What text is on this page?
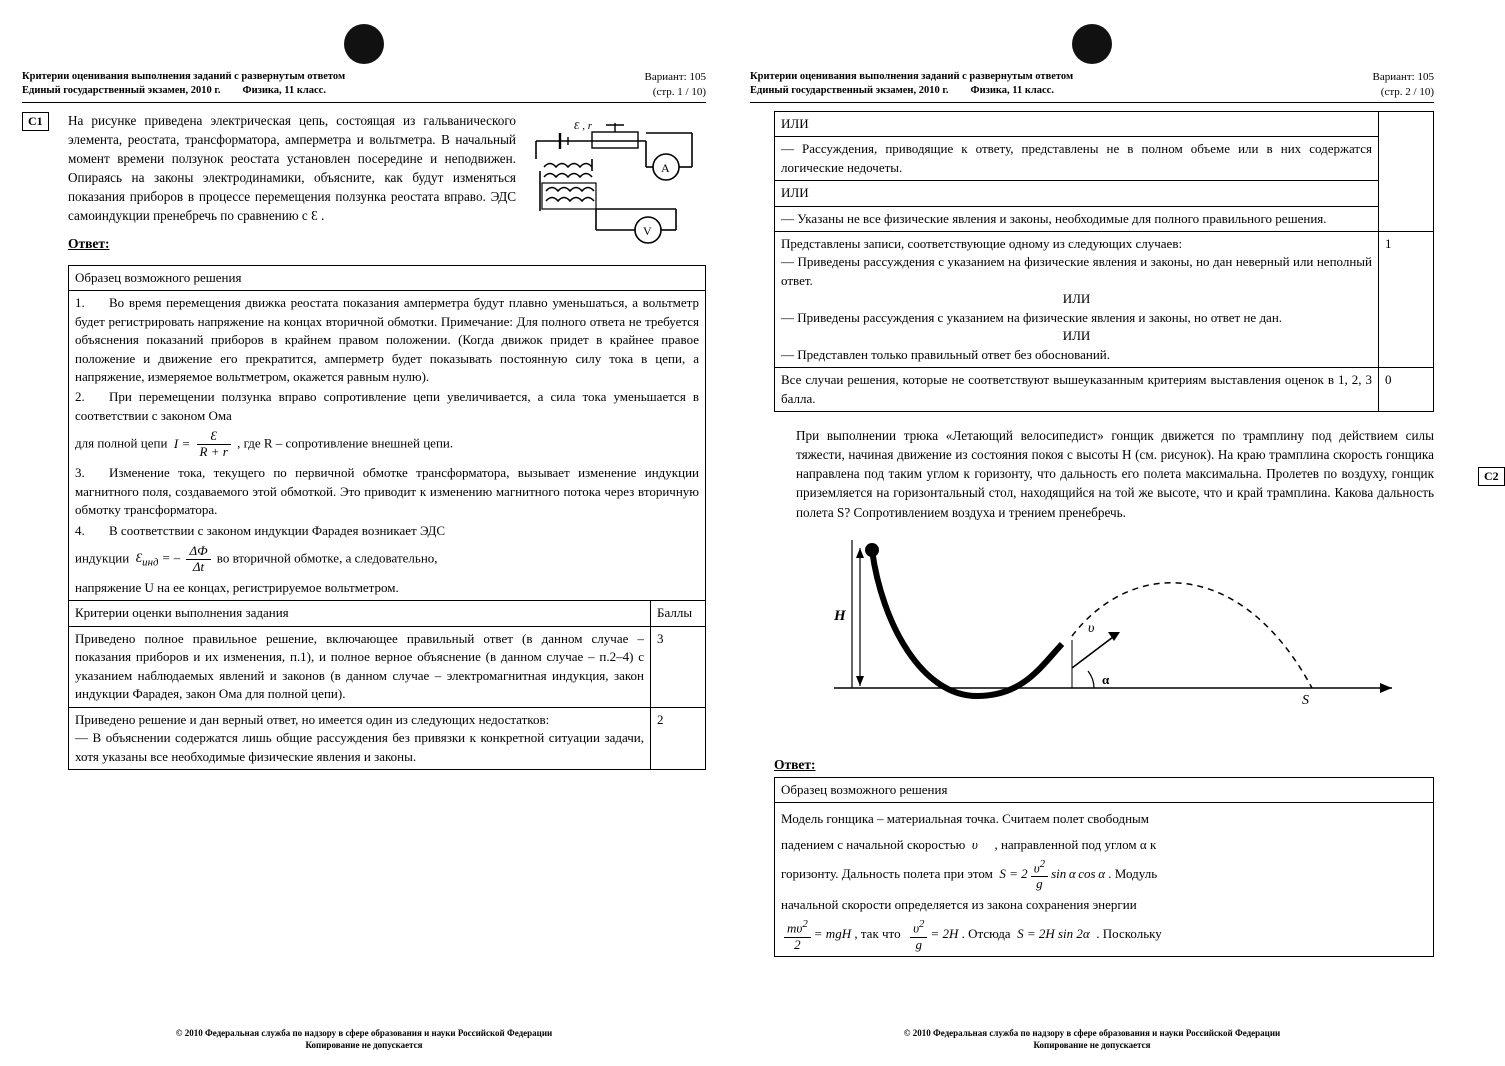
Критерии оценивания выполнения заданий с развернутым ответом
Единый государственный экзамен, 2010 г. Физика, 11 класс.
Вариант: 105
(стр. 1 / 10)
C1	Ɛ , r
A
V
На рисунке приведена электрическая цепь, состоящая из гальванического элемента, реостата, трансформатора, амперметра и вольтметра. В начальный момент времени ползунок реостата установлен посередине и неподвижен. Опираясь на законы электродинамики, объясните, как будут изменяться показания приборов в процессе перемещения ползунка реостата вправо. ЭДС самоиндукции пренебречь по сравнению с Ɛ .
Ответ:
Образец возможного решения

1. Во время перемещения движка реостата показания амперметра будут плавно уменьшаться, а вольтметр будет регистрировать напряжение на концах вторичной обмотки. Примечание: Для полного ответа не требуется объяснения показаний приборов в крайнем правом положении. (Когда движок придет в крайнее правое положение и движение его прекратится, амперметр будет показывать постоянную силу тока в цепи, а напряжение, измеряемое вольтметром, окажется равным нулю).

2. При перемещении ползунка вправо сопротивление цепи увеличивается, а сила тока уменьшается в соответствии с законом Ома

для полной цепи  $I = \frac{Ɛ}{R + r}$ , где R – сопротивление внешней цепи.

3. Изменение тока, текущего по первичной обмотке трансформатора, вызывает изменение индукции магнитного поля, создаваемого этой обмоткой. Это приводит к изменению магнитного потока через вторичную обмотку трансформатора.

4. В соответствии с законом индукции Фарадея возникает ЭДС

индукции  $Ɛ_{инд}$ = – $\frac{\Delta Ф}{\Delta t}$ во вторичной обмотке, а следовательно,

напряжение U на ее концах, регистрируемое вольтметром.

Критерии оценки выполнения задания	Баллы
Приведено полное правильное решение, включающее правильный ответ (в данном случае – показания приборов и их изменения, п.1), и полное верное объяснение (в данном случае – п.2–4) с указанием наблюдаемых явлений и законов (в данном случае – электромагнитная индукция, закон индукции Фарадея, закон Ома для полной цепи).	3

Приведено решение и дан верный ответ, но имеется один из следующих недостатков:
— В объяснении содержатся лишь общие рассуждения без привязки к конкретной ситуации задачи, хотя указаны все необходимые физические явления и законы.	2
© 2010 Федеральная служба по надзору в сфере образования и науки Российской Федерации
Копирование не допускается
Критерии оценивания выполнения заданий с развернутым ответом
Единый государственный экзамен, 2010 г. Физика, 11 класс.
Вариант: 105
(стр. 2 / 10)
ИЛИ	
— Рассуждения, приводящие к ответу, представлены не в полном объеме или в них содержатся логические недочеты.	
ИЛИ	
— Указаны не все физические явления и законы, необходимые для полного правильного решения.	

Представлены записи, соответствующие одному из следующих случаев:
— Приведены рассуждения с указанием на физические явления и законы, но дан неверный или неполный ответ.
ИЛИ
— Приведены рассуждения с указанием на физические явления и законы, но ответ не дан.
ИЛИ
— Представлен только правильный ответ без обоснований.
	1
Все случаи решения, которые не соответствуют вышеуказанным критериям выставления оценок в 1, 2, 3 балла.	0
C2
При выполнении трюка «Летающий велосипедист» гонщик движется по трамплину под действием силы тяжести, начиная движение из состояния покоя с высоты H (см. рисунок). На краю трамплина скорость гонщика направлена под таким углом к горизонту, что дальность его полета максимальна. Пролетев по воздуху, гонщик приземляется на горизонтальный стол, находящийся на той же высоте, что и край трамплина. Какова дальность полета S? Сопротивлением воздуха и трением пренебречь.
H
υ
α
S
Ответ:
Образец возможного решения

Модель гонщика – материальная точка. Считаем полет свободным

падением с начальной скоростью  υ⃗  , направленной под углом α к

горизонту. Дальность полета при этом  $S = 2 \frac{\upsilon^2}{g}$ sin α cos α . Модуль

начальной скорости определяется из закона сохранения энергии

$\frac{m\upsilon^2}{2}$ = mgH , так что $\frac{\upsilon^2}{g} = 2H$ . Отсюда  S = 2H sin 2α  . Поскольку

© 2010 Федеральная служба по надзору в сфере образования и науки Российской Федерации
Копирование не допускается
